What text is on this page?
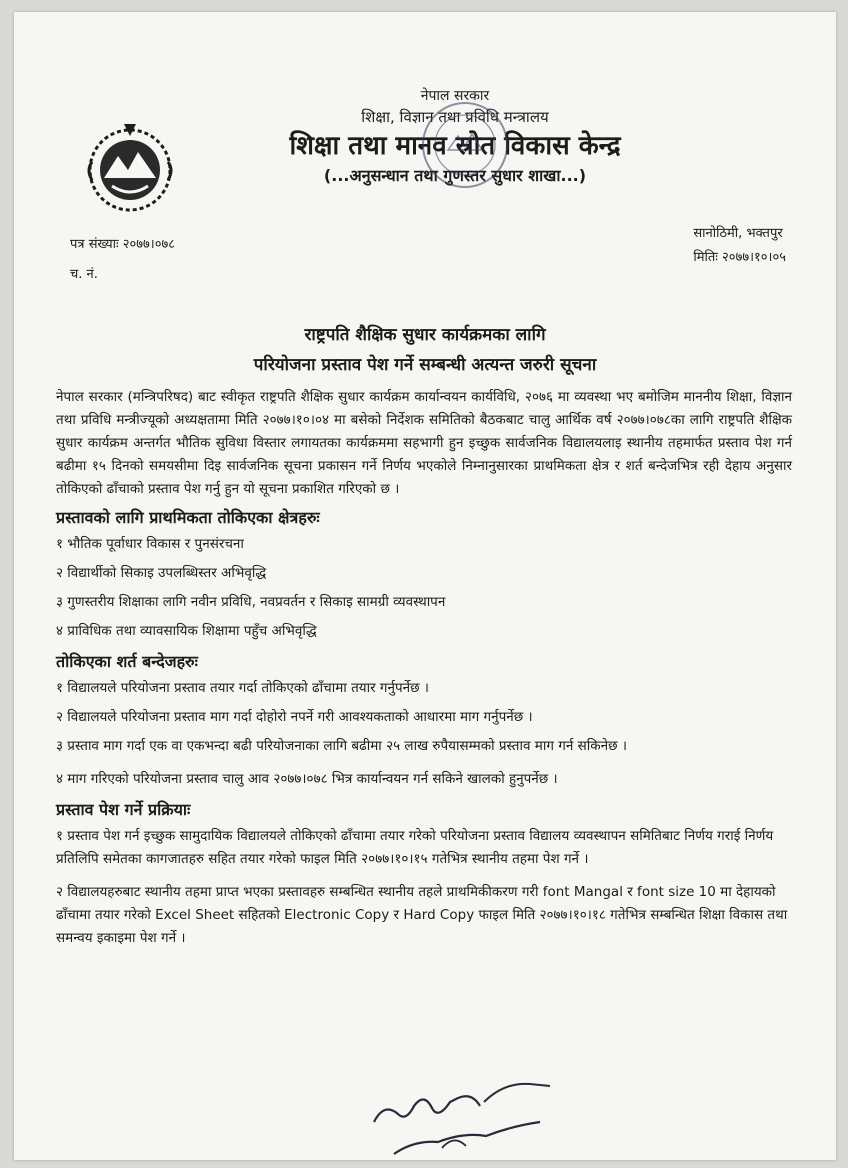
नेपाल सरकार
शिक्षा, विज्ञान तथा प्रविधि मन्त्रालय
शिक्षा तथा मानव स्रोत विकास केन्द्र
(...अनुसन्धान तथा गुणस्तर सुधार शाखा...)
पत्र संख्याः २०७७।०७८
च. नं.
सानोठिमी, भक्तपुर
मितिः २०७७।१०।०५
राष्ट्रपति शैक्षिक सुधार कार्यक्रमका लागि
परियोजना प्रस्ताव पेश गर्ने सम्बन्धी अत्यन्त जरुरी सूचना

नेपाल सरकार (मन्त्रिपरिषद) बाट स्वीकृत राष्ट्रपति शैक्षिक सुधार कार्यक्रम कार्यान्वयन कार्यविधि, २०७६ मा व्यवस्था भए बमोजिम माननीय शिक्षा, विज्ञान तथा प्रविधि मन्त्रीज्यूको अध्यक्षतामा मिति २०७७।१०।०४ मा बसेको निर्देशक समितिको बैठकबाट चालु आर्थिक वर्ष २०७७।०७८का लागि राष्ट्रपति शैक्षिक सुधार कार्यक्रम अन्तर्गत भौतिक सुविधा विस्तार लगायतका कार्यक्रममा सहभागी हुन इच्छुक सार्वजनिक विद्यालयलाइ स्थानीय तहमार्फत प्रस्ताव पेश गर्न बढीमा १५ दिनको समयसीमा दिइ सार्वजनिक सूचना प्रकासन गर्ने निर्णय भएकोले निम्नानुसारका प्राथमिकता क्षेत्र र शर्त बन्देजभित्र रही देहाय अनुसार तोकिएको ढाँचाको प्रस्ताव पेश गर्नु हुन यो सूचना प्रकाशित गरिएको छ ।

प्रस्तावको लागि प्राथमिकता तोकिएका क्षेत्रहरुः
१ भौतिक पूर्वाधार विकास र पुनसंरचना
२ विद्यार्थीको सिकाइ उपलब्धिस्तर अभिवृद्धि
३ गुणस्तरीय शिक्षाका लागि नवीन प्रविधि, नवप्रवर्तन र सिकाइ सामग्री व्यवस्थापन
४ प्राविधिक तथा व्यावसायिक शिक्षामा पहुँच अभिवृद्धि
तोकिएका शर्त बन्देजहरुः
१ विद्यालयले परियोजना प्रस्ताव तयार गर्दा तोकिएको ढाँचामा तयार गर्नुपर्नेछ ।
२ विद्यालयले परियोजना प्रस्ताव माग गर्दा दोहोरो नपर्ने गरी आवश्यकताको आधारमा माग गर्नुपर्नेछ ।
३ प्रस्ताव माग गर्दा एक वा एकभन्दा बढी परियोजनाका लागि बढीमा २५ लाख रुपैयासम्मको प्रस्ताव माग गर्न सकिनेछ ।
४ माग गरिएको परियोजना प्रस्ताव चालु आव २०७७।०७८ भित्र कार्यान्वयन गर्न सकिने खालको हुनुपर्नेछ ।
प्रस्ताव पेश गर्ने प्रक्रियाः
१ प्रस्ताव पेश गर्न इच्छुक सामुदायिक विद्यालयले तोकिएको ढाँचामा तयार गरेको परियोजना प्रस्ताव विद्यालय व्यवस्थापन समितिबाट निर्णय गराई निर्णय प्रतिलिपि समेतका कागजातहरु सहित तयार गरेको फाइल मिति २०७७।१०।१५ गतेभित्र स्थानीय तहमा पेश गर्ने ।
२ विद्यालयहरुबाट स्थानीय तहमा प्राप्त भएका प्रस्तावहरु सम्बन्धित स्थानीय तहले प्राथमिकीकरण गरी font Mangal र font size 10 मा देहायको ढाँचामा तयार गरेको Excel Sheet सहितको Electronic Copy र Hard Copy फाइल मिति २०७७।१०।१८ गतेभित्र सम्बन्धित शिक्षा विकास तथा समन्वय इकाइमा पेश गर्ने ।
